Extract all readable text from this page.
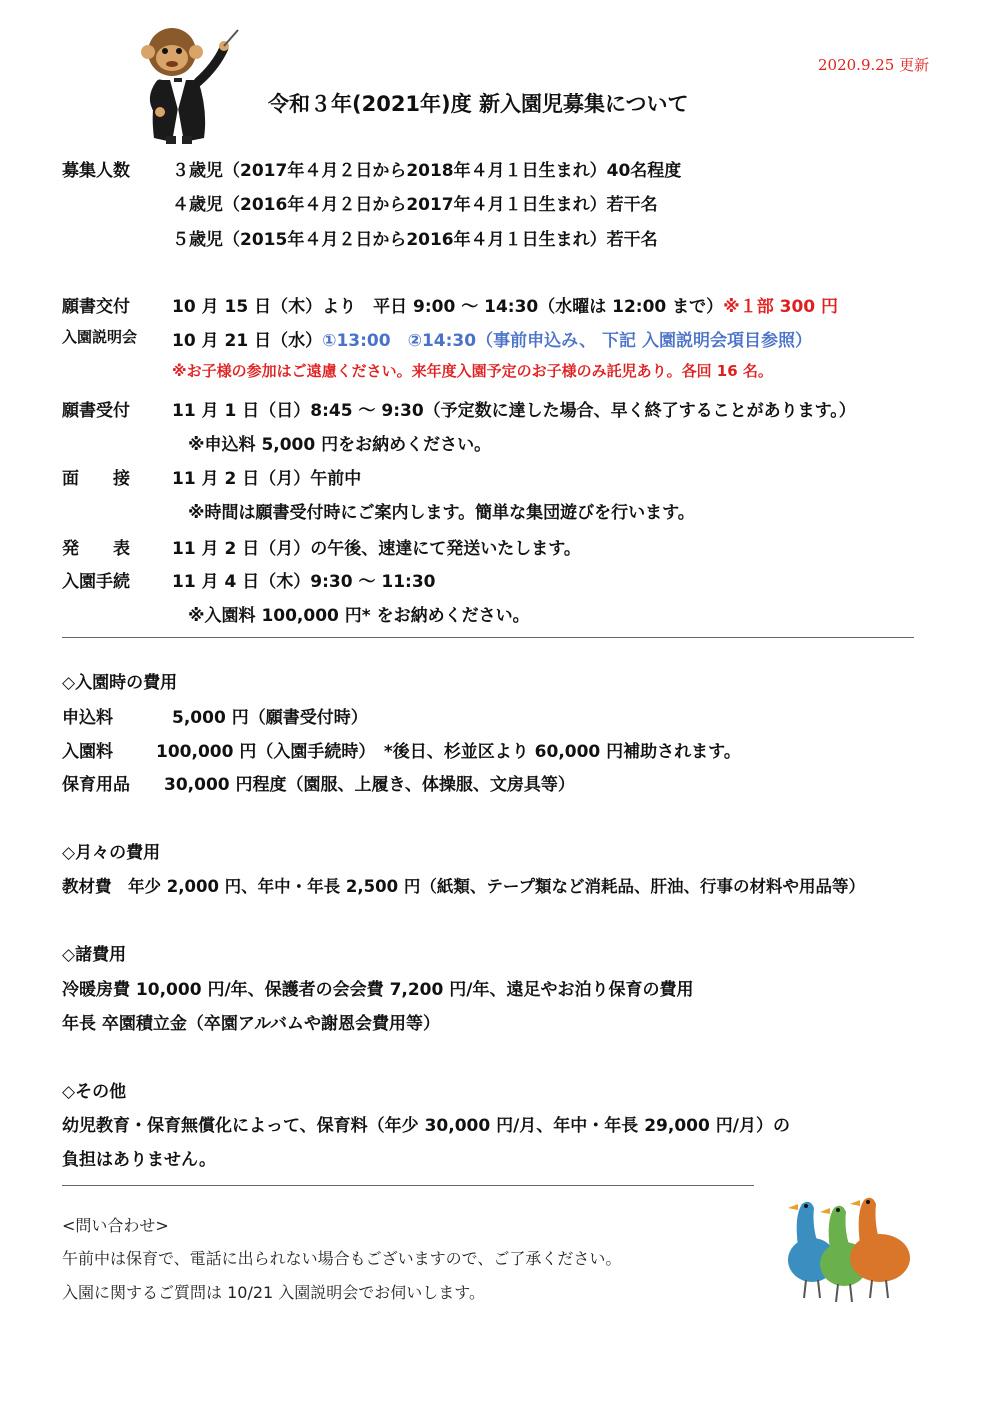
2020.9.25 更新
令和３年(2021年)度 新入園児募集について
募集人数 ３歳児（2017年４月２日から2018年４月１日生まれ）40名程度
４歳児（2016年４月２日から2017年４月１日生まれ）若干名
５歳児（2015年４月２日から2016年４月１日生まれ）若干名
願書交付 10 月 15 日（木）より　平日 9:00 ～ 14:30（水曜は 12:00 まで）※１部 300 円
入園説明会 10 月 21 日（水）①13:00　②14:30（事前申込み、 下記 入園説明会項目参照）
※お子様の参加はご遠慮ください。来年度入園予定のお子様のみ託児あり。各回 16 名。
願書受付 11 月 1 日（日）8:45 ～ 9:30（予定数に達した場合、早く終了することがあります。）
※申込料 5,000 円をお納めください。
面　　接 11 月 2 日（月）午前中
※時間は願書受付時にご案内します。簡単な集団遊びを行います。
発　　表 11 月 2 日（月）の午後、速達にて発送いたします。
入園手続 11 月 4 日（木）9:30 ～ 11:30
※入園料 100,000 円* をお納めください。
◇入園時の費用
申込料	5,000 円（願書受付時）
入園料	100,000 円（入園手続時）　*後日、杉並区より 60,000 円補助されます。
保育用品 30,000 円程度（園服、上履き、体操服、文房具等）
◇月々の費用
教材費　年少 2,000 円、年中・年長 2,500 円（紙類、テープ類など消耗品、肝油、行事の材料や用品等）
◇諸費用
冷暖房費 10,000 円/年、保護者の会会費 7,200 円/年、遠足やお泊り保育の費用
年長 卒園積立金（卒園アルバムや謝恩会費用等）
◇その他
幼児教育・保育無償化によって、保育料（年少 30,000 円/月、年中・年長 29,000 円/月）の
負担はありません。
<問い合わせ>
午前中は保育で、電話に出られない場合もございますので、ご了承ください。
入園に関するご質問は 10/21 入園説明会でお伺いします。
